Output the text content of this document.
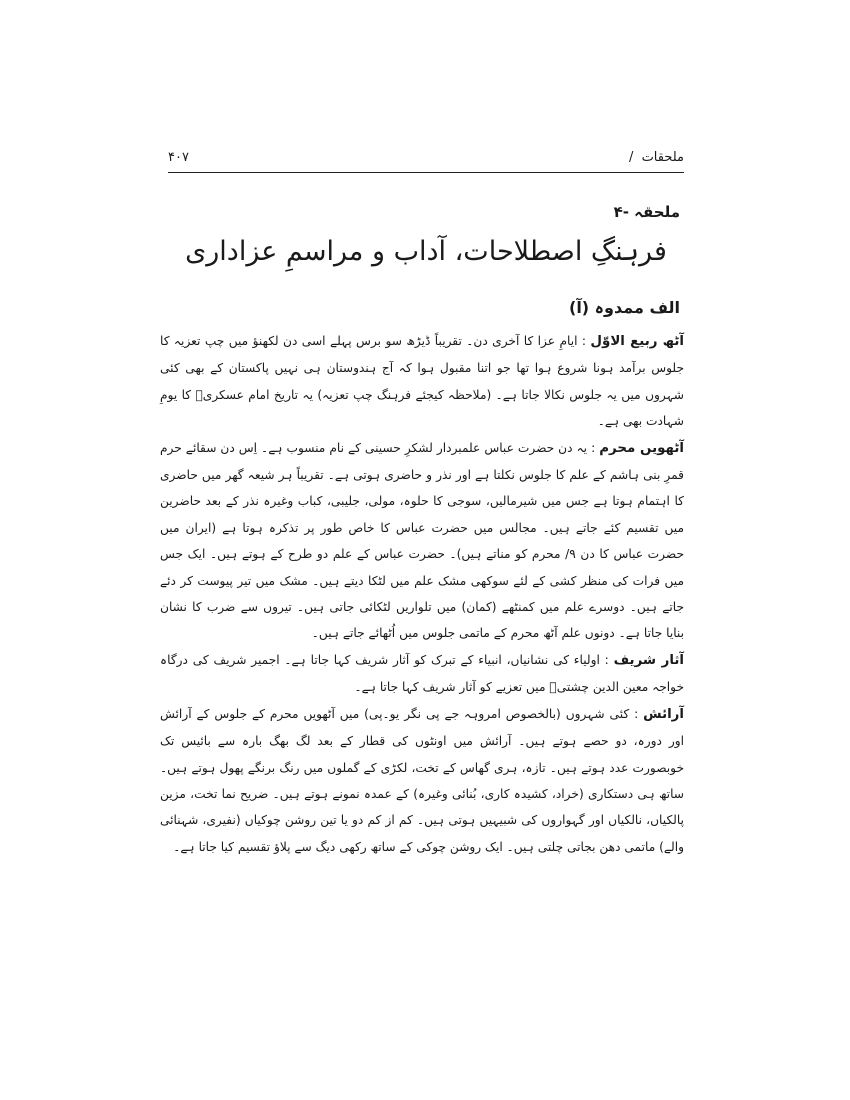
ملحقات /
۴۰۷
ملحقہ -۴
فرہنگِ اصطلاحات، آداب و مراسمِ عزاداری
الف ممدوہ (آ)

آٹھ ربیع الاوّل : ایامِ عزا کا آخری دن۔ تقریباً ڈیڑھ سو برس پہلے اسی دن لکھنؤ میں چپ تعزیہ کا جلوس برآمد ہونا شروع ہوا تھا جو اتنا مقبول ہوا کہ آج ہندوستان ہی نہیں پاکستان کے بھی کئی شہروں میں یہ جلوس نکالا جاتا ہے۔ (ملاحظہ کیجئے فرہنگ چپ تعزیہ) یہ تاریخ امام عسکریؑ کا یومِ شہادت بھی ہے۔

آٹھویں محرم : یہ دن حضرت عباس علمبردار لشکرِ حسینی کے نام منسوب ہے۔ اِس دن سقائے حرم قمرِ بنی ہاشم کے علم کا جلوس نکلتا ہے اور نذر و حاضری ہوتی ہے۔ تقریباً ہر شیعہ گھر میں حاضری کا اہتمام ہوتا ہے جس میں شیرمالیں، سوجی کا حلوہ، مولی، جلیبی، کباب وغیرہ نذر کے بعد حاضرین میں تقسیم کئے جاتے ہیں۔ مجالس میں حضرت عباس کا خاص طور پر تذکرہ ہوتا ہے (ایران میں حضرت عباس کا دن ۹/ محرم کو مناتے ہیں)۔ حضرت عباس کے علم دو طرح کے ہوتے ہیں۔ ایک جس میں فرات کی منظر کشی کے لئے سوکھی مشک علم میں لٹکا دیتے ہیں۔ مشک میں تیر پیوست کر دئے جاتے ہیں۔ دوسرے علم میں کمنٹھے (کمان) میں تلواریں لٹکائی جاتی ہیں۔ تیروں سے ضرب کا نشان بنایا جاتا ہے۔ دونوں علم آٹھ محرم کے ماتمی جلوس میں اُٹھائے جاتے ہیں۔

آثار شریف : اولیاء کی نشانیاں، انبیاء کے تبرک کو آثار شریف کہا جاتا ہے۔ اجمیر شریف کی درگاہ خواجہ معین الدین چشتیؒ میں تعزیے کو آثار شریف کہا جاتا ہے۔

آرائش : کئی شہروں (بالخصوص امروہہ جے پی نگر یو۔پی) میں آٹھویں محرم کے جلوس کے آرائش اور دورہ، دو حصے ہوتے ہیں۔ آرائش میں اونٹوں کی قطار کے بعد لگ بھگ بارہ سے بائیس تک خوبصورت عدد ہوتے ہیں۔ تازہ، ہری گھاس کے تخت، لکڑی کے گملوں میں رنگ برنگے پھول ہوتے ہیں۔ ساتھ ہی دستکاری (خراد، کشیدہ کاری، بُنائی وغیرہ) کے عمدہ نمونے ہوتے ہیں۔ ضریح نما تخت، مزین پالکیاں، نالکیاں اور گہواروں کی شبیہیں ہوتی ہیں۔ کم از کم دو یا تین روشن چوکیاں (نفیری، شہنائی والے) ماتمی دھن بجاتی چلتی ہیں۔ ایک روشن چوکی کے ساتھ رکھی دیگ سے پلاؤ تقسیم کیا جاتا ہے۔
